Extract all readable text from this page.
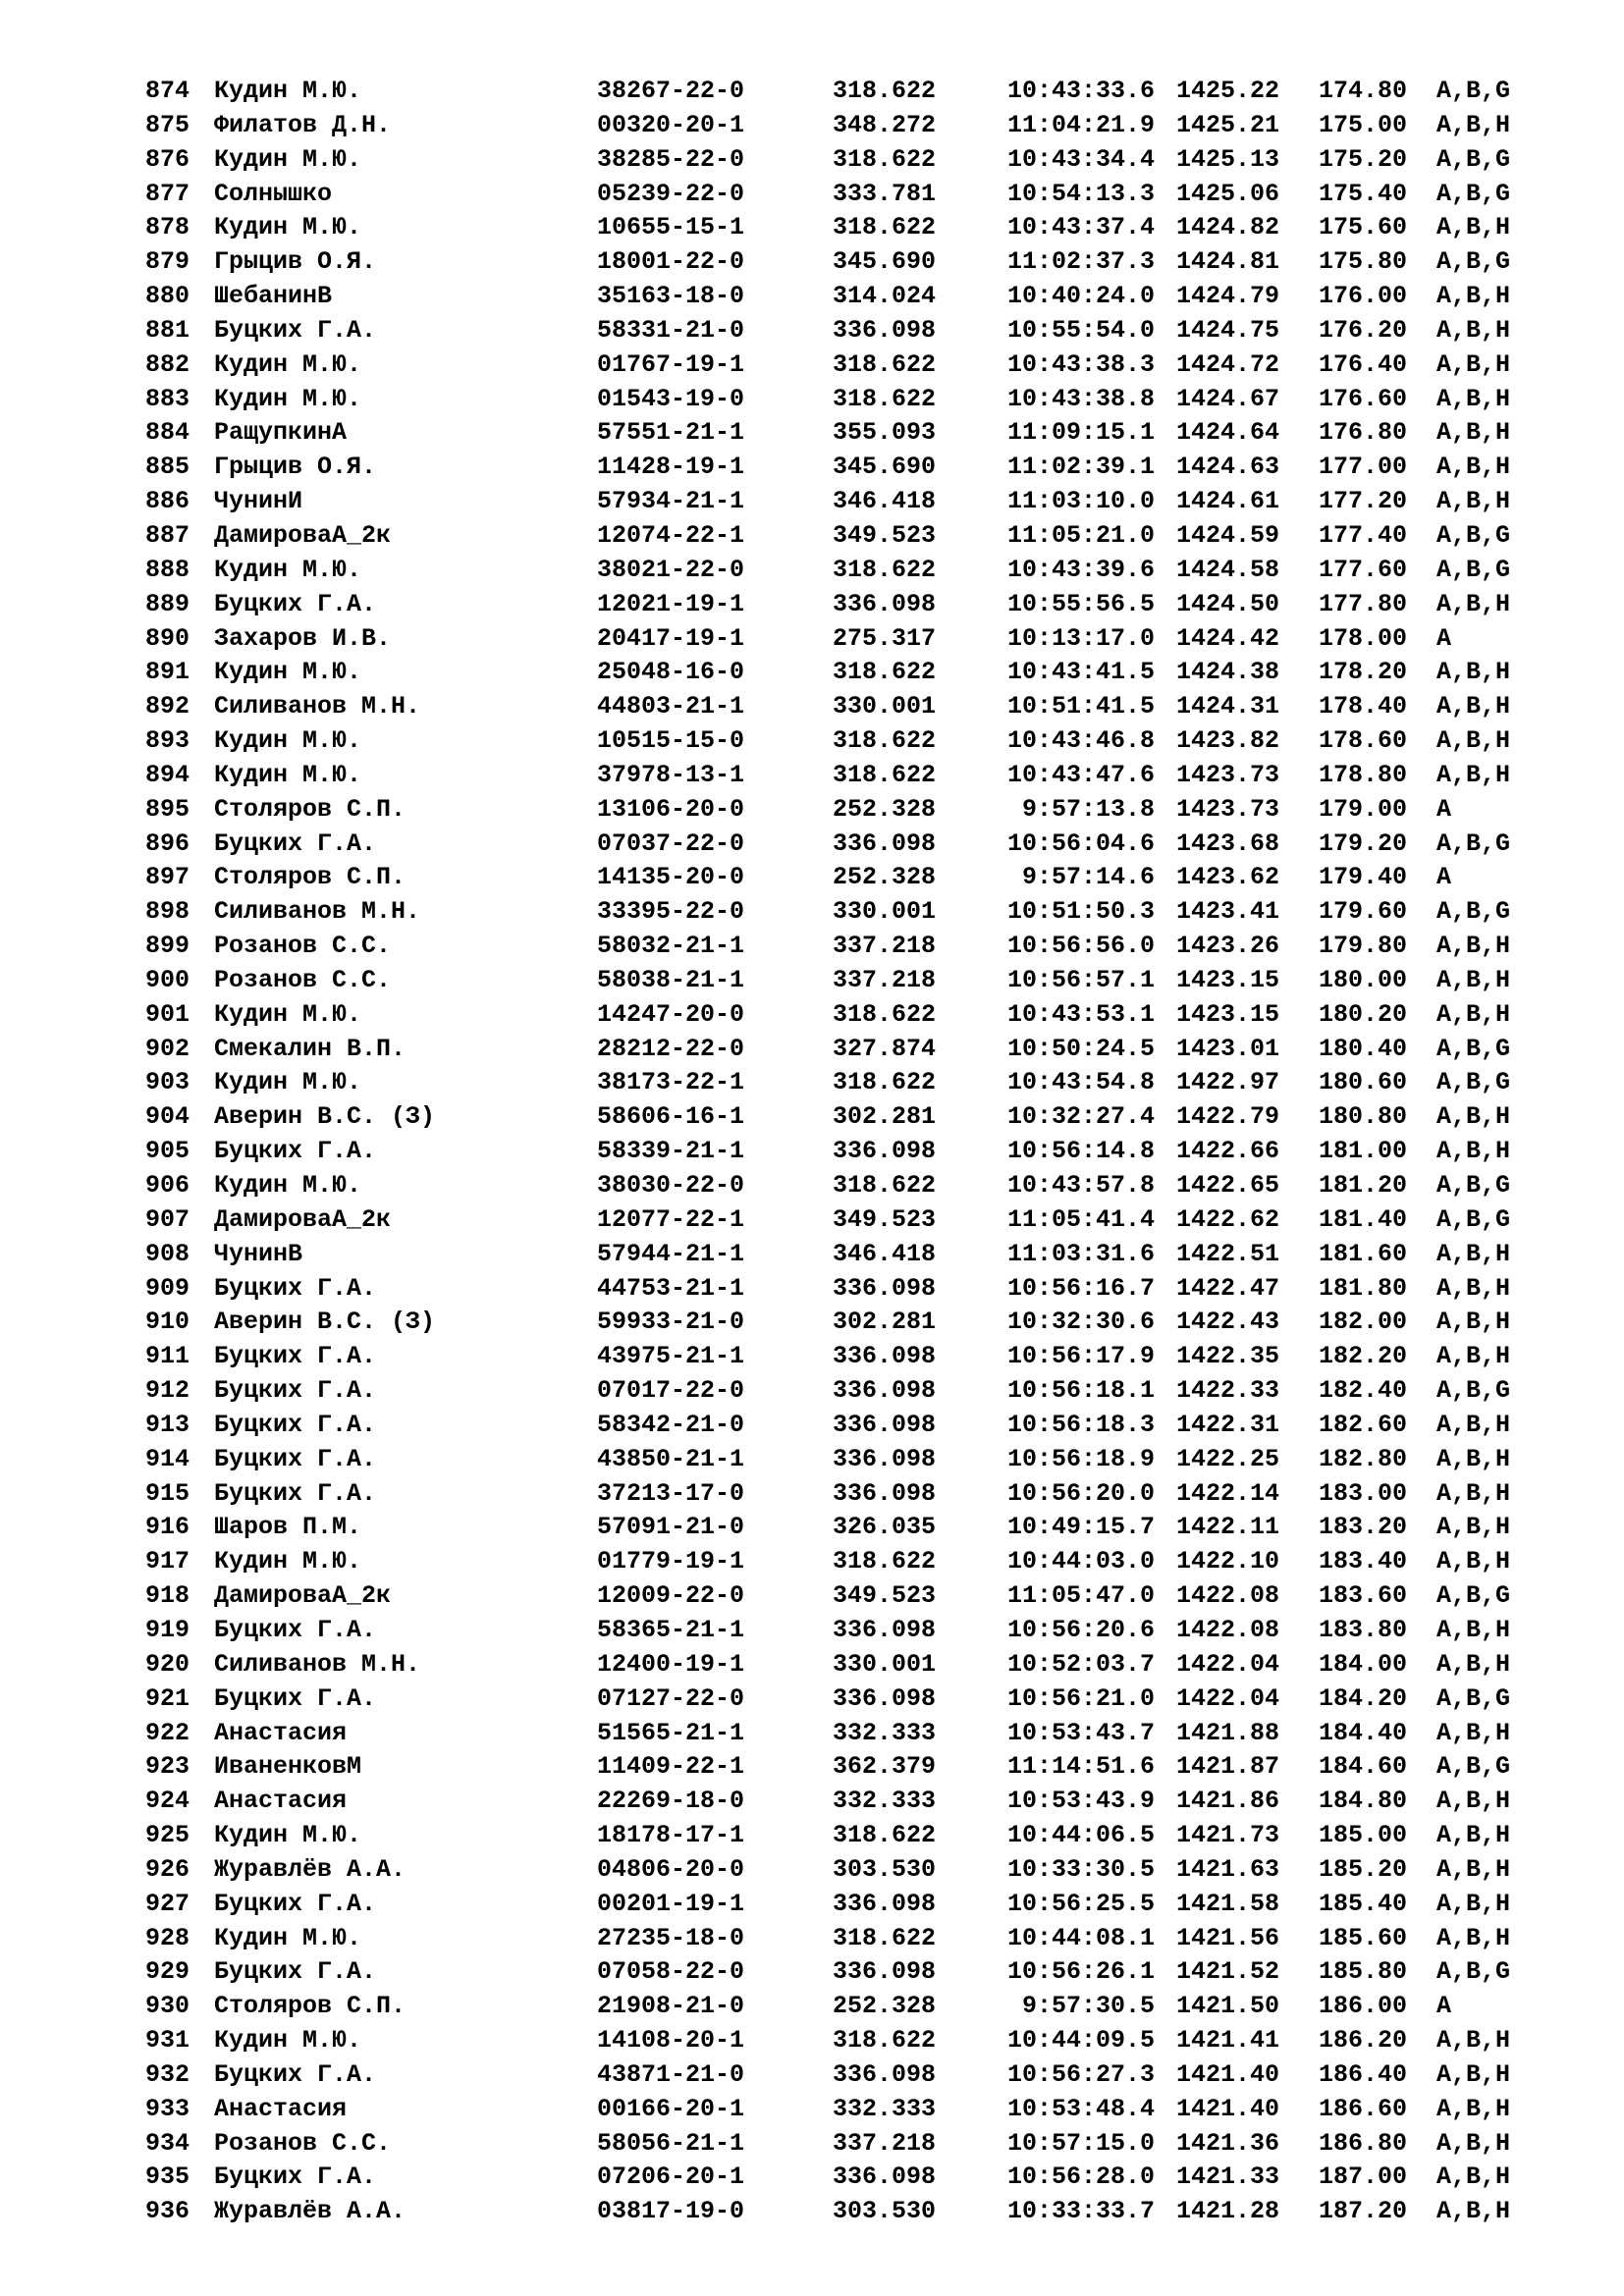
874 Кудин М.Ю.	38267-22-0	318.622	10:43:33.6 1425.22 174.80 A,B,G
875 Филатов Д.Н.	00320-20-1	348.272	11:04:21.9 1425.21 175.00 A,B,H
876 Кудин М.Ю.	38285-22-0	318.622	10:43:34.4 1425.13 175.20 A,B,G
877 Солнышко	05239-22-0	333.781	10:54:13.3 1425.06 175.40 A,B,G
878 Кудин М.Ю.	10655-15-1	318.622	10:43:37.4 1424.82 175.60 A,B,H
879 Грыцив О.Я.	18001-22-0	345.690	11:02:37.3 1424.81 175.80 A,B,G
880 ШебанинВ	35163-18-0	314.024	10:40:24.0 1424.79 176.00 A,B,H
881 Буцких Г.А.	58331-21-0	336.098	10:55:54.0 1424.75 176.20 A,B,H
882 Кудин М.Ю.	01767-19-1	318.622	10:43:38.3 1424.72 176.40 A,B,H
883 Кудин М.Ю.	01543-19-0	318.622	10:43:38.8 1424.67 176.60 A,B,H
884 РащупкинА	57551-21-1	355.093	11:09:15.1 1424.64 176.80 A,B,H
885 Грыцив О.Я.	11428-19-1	345.690	11:02:39.1 1424.63 177.00 A,B,H
886 ЧунинИ	57934-21-1	346.418	11:03:10.0 1424.61 177.20 A,B,H
887 ДамироваА_2к	12074-22-1	349.523	11:05:21.0 1424.59 177.40 A,B,G
888 Кудин М.Ю.	38021-22-0	318.622	10:43:39.6 1424.58 177.60 A,B,G
889 Буцких Г.А.	12021-19-1	336.098	10:55:56.5 1424.50 177.80 A,B,H
890 Захаров И.В.	20417-19-1	275.317	10:13:17.0 1424.42 178.00 A
891 Кудин М.Ю.	25048-16-0	318.622	10:43:41.5 1424.38 178.20 A,B,H
892 Силиванов М.Н.	44803-21-1	330.001	10:51:41.5 1424.31 178.40 A,B,H
893 Кудин М.Ю.	10515-15-0	318.622	10:43:46.8 1423.82 178.60 A,B,H
894 Кудин М.Ю.	37978-13-1	318.622	10:43:47.6 1423.73 178.80 A,B,H
895 Столяров С.П.	13106-20-0	252.328	9:57:13.8 1423.73 179.00 A
896 Буцких Г.А.	07037-22-0	336.098	10:56:04.6 1423.68 179.20 A,B,G
897 Столяров С.П.	14135-20-0	252.328	9:57:14.6 1423.62 179.40 A
898 Силиванов М.Н.	33395-22-0	330.001	10:51:50.3 1423.41 179.60 A,B,G
899 Розанов С.С.	58032-21-1	337.218	10:56:56.0 1423.26 179.80 A,B,H
900 Розанов С.С.	58038-21-1	337.218	10:56:57.1 1423.15 180.00 A,B,H
901 Кудин М.Ю.	14247-20-0	318.622	10:43:53.1 1423.15 180.20 A,B,H
902 Смекалин В.П.	28212-22-0	327.874	10:50:24.5 1423.01 180.40 A,B,G
903 Кудин М.Ю.	38173-22-1	318.622	10:43:54.8 1422.97 180.60 A,B,G
904 Аверин В.С. (З)	58606-16-1	302.281	10:32:27.4 1422.79 180.80 A,B,H
905 Буцких Г.А.	58339-21-1	336.098	10:56:14.8 1422.66 181.00 A,B,H
906 Кудин М.Ю.	38030-22-0	318.622	10:43:57.8 1422.65 181.20 A,B,G
907 ДамироваА_2к	12077-22-1	349.523	11:05:41.4 1422.62 181.40 A,B,G
908 ЧунинВ	57944-21-1	346.418	11:03:31.6 1422.51 181.60 A,B,H
909 Буцких Г.А.	44753-21-1	336.098	10:56:16.7 1422.47 181.80 A,B,H
910 Аверин В.С. (З)	59933-21-0	302.281	10:32:30.6 1422.43 182.00 A,B,H
911 Буцких Г.А.	43975-21-1	336.098	10:56:17.9 1422.35 182.20 A,B,H
912 Буцких Г.А.	07017-22-0	336.098	10:56:18.1 1422.33 182.40 A,B,G
913 Буцких Г.А.	58342-21-0	336.098	10:56:18.3 1422.31 182.60 A,B,H
914 Буцких Г.А.	43850-21-1	336.098	10:56:18.9 1422.25 182.80 A,B,H
915 Буцких Г.А.	37213-17-0	336.098	10:56:20.0 1422.14 183.00 A,B,H
916 Шаров П.М.	57091-21-0	326.035	10:49:15.7 1422.11 183.20 A,B,H
917 Кудин М.Ю.	01779-19-1	318.622	10:44:03.0 1422.10 183.40 A,B,H
918 ДамироваА_2к	12009-22-0	349.523	11:05:47.0 1422.08 183.60 A,B,G
919 Буцких Г.А.	58365-21-1	336.098	10:56:20.6 1422.08 183.80 A,B,H
920 Силиванов М.Н.	12400-19-1	330.001	10:52:03.7 1422.04 184.00 A,B,H
921 Буцких Г.А.	07127-22-0	336.098	10:56:21.0 1422.04 184.20 A,B,G
922 Анастасия	51565-21-1	332.333	10:53:43.7 1421.88 184.40 A,B,H
923 ИваненковМ	11409-22-1	362.379	11:14:51.6 1421.87 184.60 A,B,G
924 Анастасия	22269-18-0	332.333	10:53:43.9 1421.86 184.80 A,B,H
925 Кудин М.Ю.	18178-17-1	318.622	10:44:06.5 1421.73 185.00 A,B,H
926 Журавлёв А.А.	04806-20-0	303.530	10:33:30.5 1421.63 185.20 A,B,H
927 Буцких Г.А.	00201-19-1	336.098	10:56:25.5 1421.58 185.40 A,B,H
928 Кудин М.Ю.	27235-18-0	318.622	10:44:08.1 1421.56 185.60 A,B,H
929 Буцких Г.А.	07058-22-0	336.098	10:56:26.1 1421.52 185.80 A,B,G
930 Столяров С.П.	21908-21-0	252.328	9:57:30.5 1421.50 186.00 A
931 Кудин М.Ю.	14108-20-1	318.622	10:44:09.5 1421.41 186.20 A,B,H
932 Буцких Г.А.	43871-21-0	336.098	10:56:27.3 1421.40 186.40 A,B,H
933 Анастасия	00166-20-1	332.333	10:53:48.4 1421.40 186.60 A,B,H
934 Розанов С.С.	58056-21-1	337.218	10:57:15.0 1421.36 186.80 A,B,H
935 Буцких Г.А.	07206-20-1	336.098	10:56:28.0 1421.33 187.00 A,B,H
936 Журавлёв А.А.	03817-19-0	303.530	10:33:33.7 1421.28 187.20 A,B,H
